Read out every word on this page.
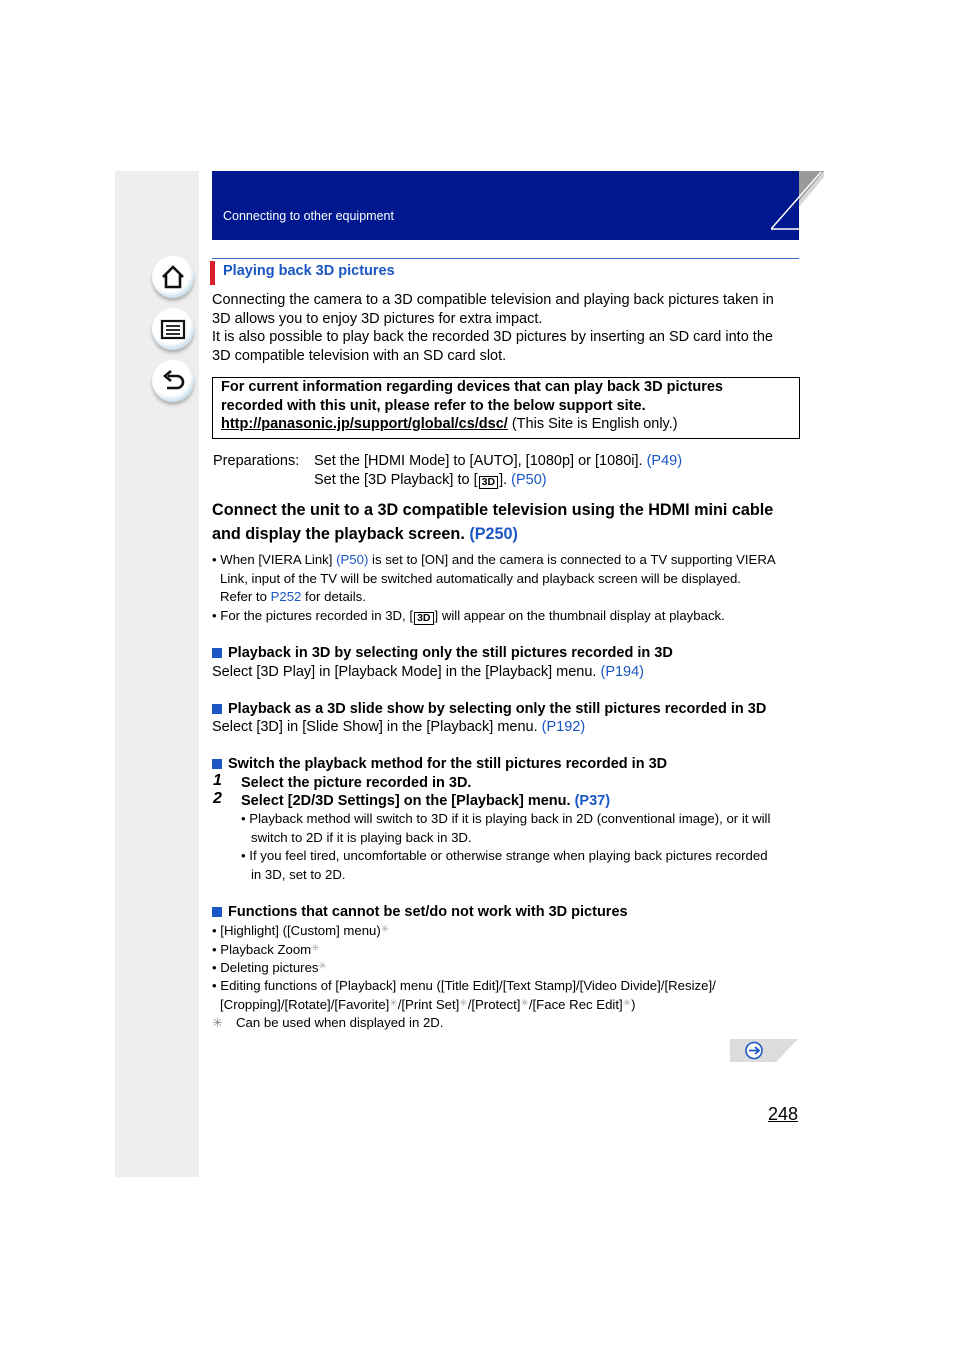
Connecting to other equipment
Playing back 3D pictures
Connecting the camera to a 3D compatible television and playing back pictures taken in
3D allows you to enjoy 3D pictures for extra impact.
It is also possible to play back the recorded 3D pictures by inserting an SD card into the
3D compatible television with an SD card slot.
For current information regarding devices that can play back 3D pictures
recorded with this unit, please refer to the below support site.
http://panasonic.jp/support/global/cs/dsc/ (This Site is English only.)
Preparations: Set the [HDMI Mode] to [AUTO], [1080p] or [1080i]. (P49)
Set the [3D Playback] to [ 3D ]. (P50)
Connect the unit to a 3D compatible television using the HDMI mini cable
and display the playback screen. (P250)
• When [VIERA Link] (P50) is set to [ON] and the camera is connected to a TV supporting VIERA
Link, input of the TV will be switched automatically and playback screen will be displayed.
Refer to P252 for details.
• For the pictures recorded in 3D, [ 3D ] will appear on the thumbnail display at playback.
Playback in 3D by selecting only the still pictures recorded in 3D
Select [3D Play] in [Playback Mode] in the [Playback] menu. (P194)
Playback as a 3D slide show by selecting only the still pictures recorded in 3D
Select [3D] in [Slide Show] in the [Playback] menu. (P192)
Switch the playback method for the still pictures recorded in 3D
1 Select the picture recorded in 3D.
2 Select [2D/3D Settings] on the [Playback] menu. (P37)
• Playback method will switch to 3D if it is playing back in 2D (conventional image), or it will
switch to 2D if it is playing back in 3D.
• If you feel tired, uncomfortable or otherwise strange when playing back pictures recorded
in 3D, set to 2D.
Functions that cannot be set/do not work with 3D pictures
• [Highlight] ([Custom] menu)✳
• Playback Zoom✳
• Deleting pictures✳
• Editing functions of [Playback] menu ([Title Edit]/[Text Stamp]/[Video Divide]/[Resize]/
[Cropping]/[Rotate]/[Favorite]✳/[Print Set]✳/[Protect]✳/[Face Rec Edit]✳)
✳ Can be used when displayed in 2D.
248
